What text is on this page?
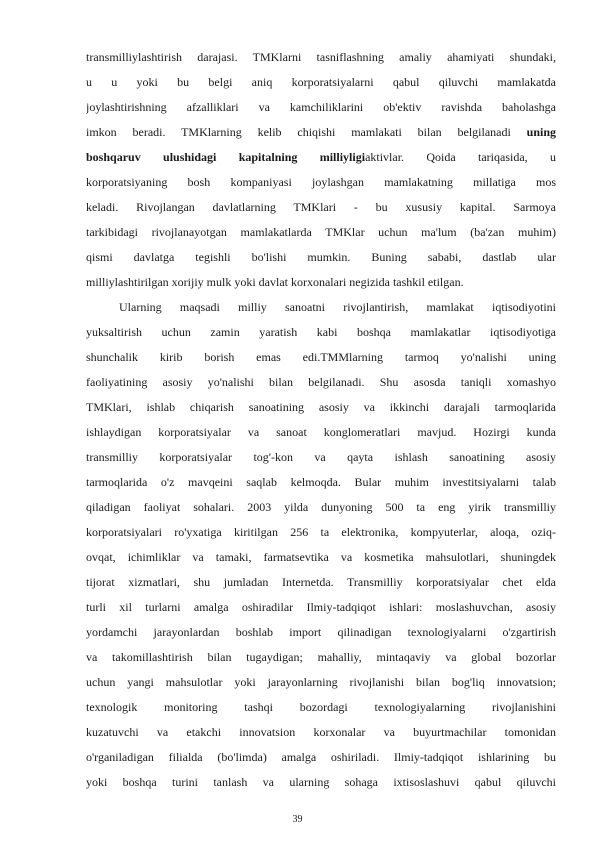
transmilliylashtirish darajasi. TMKlarni tasniflashning amaliy ahamiyati shundaki,
u u yoki bu belgi aniq korporatsiyalarni qabul qiluvchi mamlakatda
joylashtirishning afzalliklari va kamchiliklarini ob'ektiv ravishda baholashga
imkon beradi. TMKlarning kelib chiqishi mamlakati bilan belgilanadi uning
boshqaruv ulushidagi kapitalning milliyligiaktivlar. Qoida tariqasida, u
korporatsiyaning bosh kompaniyasi joylashgan mamlakatning millatiga mos
keladi. Rivojlangan davlatlarning TMKlari - bu xususiy kapital. Sarmoya
tarkibidagi rivojlanayotgan mamlakatlarda TMKlar uchun ma'lum (ba'zan muhim)
qismi davlatga tegishli bo'lishi mumkin. Buning sababi, dastlab ular
milliylashtirilgan xorijiy mulk yoki davlat korxonalari negizida tashkil etilgan.
Ularning maqsadi milliy sanoatni rivojlantirish, mamlakat iqtisodiyotini
yuksaltirish uchun zamin yaratish kabi boshqa mamlakatlar iqtisodiyotiga
shunchalik kirib borish emas edi.TMMlarning tarmoq yo'nalishi uning
faoliyatining asosiy yo'nalishi bilan belgilanadi. Shu asosda taniqli xomashyo
TMKlari, ishlab chiqarish sanoatining asosiy va ikkinchi darajali tarmoqlarida
ishlaydigan korporatsiyalar va sanoat konglomeratlari mavjud. Hozirgi kunda
transmilliy korporatsiyalar tog'-kon va qayta ishlash sanoatining asosiy
tarmoqlarida o'z mavqeini saqlab kelmoqda. Bular muhim investitsiyalarni talab
qiladigan faoliyat sohalari. 2003 yilda dunyoning 500 ta eng yirik transmilliy
korporatsiyalari ro'yxatiga kiritilgan 256 ta elektronika, kompyuterlar, aloqa, oziq-
ovqat, ichimliklar va tamaki, farmatsevtika va kosmetika mahsulotlari, shuningdek
tijorat xizmatlari, shu jumladan Internetda. Transmilliy korporatsiyalar chet elda
turli xil turlarni amalga oshiradilar Ilmiy-tadqiqot ishlari: moslashuvchan, asosiy
yordamchi jarayonlardan boshlab import qilinadigan texnologiyalarni o'zgartirish
va takomillashtirish bilan tugaydigan; mahalliy, mintaqaviy va global bozorlar
uchun yangi mahsulotlar yoki jarayonlarning rivojlanishi bilan bog'liq innovatsion;
texnologik monitoring tashqi bozordagi texnologiyalarning rivojlanishini
kuzatuvchi va etakchi innovatsion korxonalar va buyurtmachilar tomonidan
o'rganiladigan filialda (bo'limda) amalga oshiriladi. Ilmiy-tadqiqot ishlarining bu
yoki boshqa turini tanlash va ularning sohaga ixtisoslashuvi qabul qiluvchi
39
